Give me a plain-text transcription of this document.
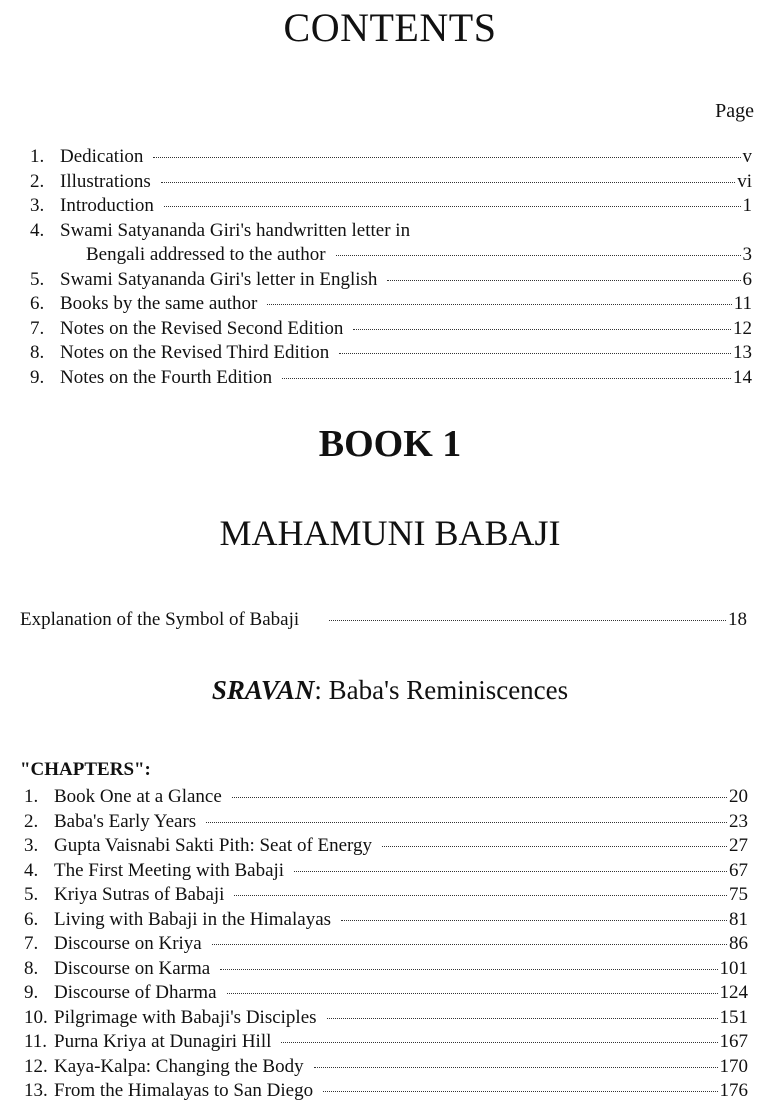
CONTENTS
Page
1. Dedication	v
2. Illustrations	vi
3. Introduction	1
4. Swami Satyananda Giri's handwritten letter in
Bengali addressed to the author	3
5. Swami Satyananda Giri's letter in English	6
6. Books by the same author	11
7. Notes on the Revised Second Edition	12
8. Notes on the Revised Third Edition	13
9. Notes on the Fourth Edition	14
BOOK 1
MAHAMUNI BABAJI
Explanation of the Symbol of Babaji	18
SRAVAN: Baba's Reminiscences
"CHAPTERS":
1. Book One at a Glance	20
2. Baba's Early Years	23
3. Gupta Vaisnabi Sakti Pith: Seat of Energy	27
4. The First Meeting with Babaji	67
5. Kriya Sutras of Babaji	75
6. Living with Babaji in the Himalayas	81
7. Discourse on Kriya	86
8. Discourse on Karma	101
9. Discourse of Dharma	124
10. Pilgrimage with Babaji's Disciples	151
11. Purna Kriya at Dunagiri Hill	167
12. Kaya-Kalpa: Changing the Body	170
13. From the Himalayas to San Diego	176
